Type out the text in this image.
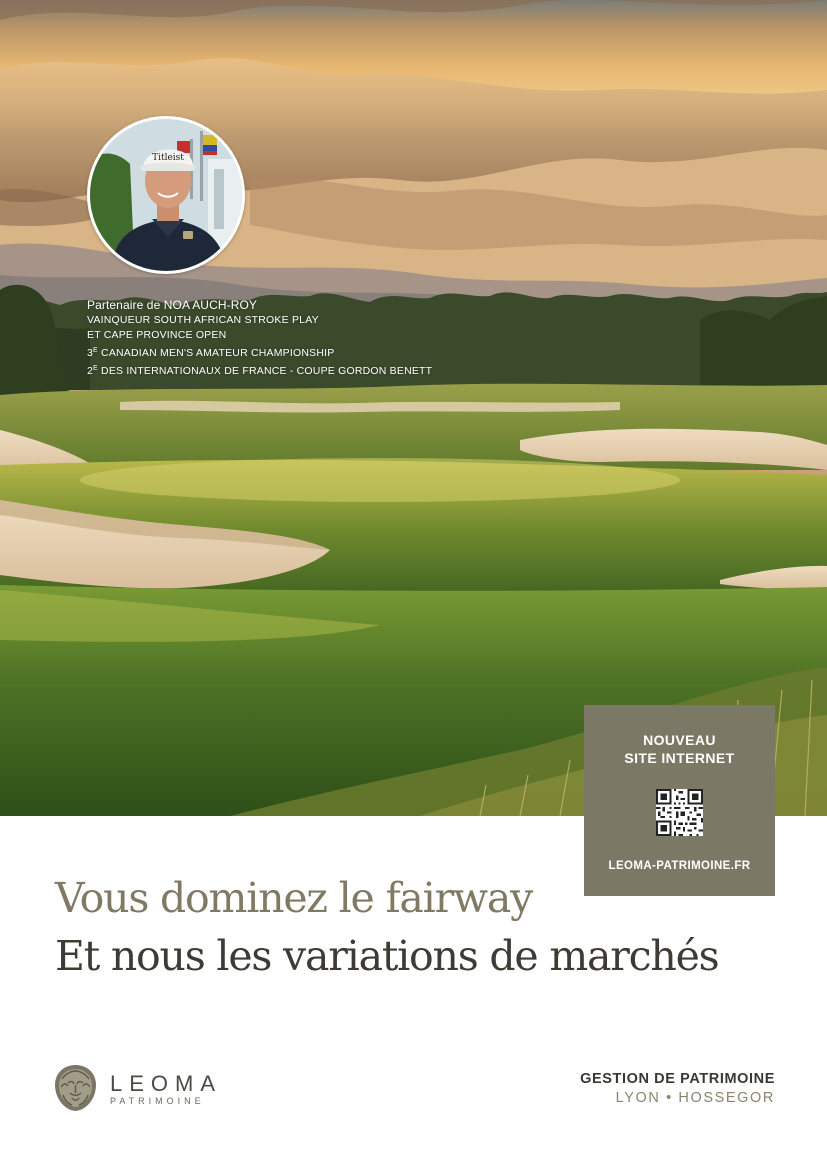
Titleist
Partenaire de NOA AUCH-ROY
VAINQUEUR SOUTH AFRICAN STROKE PLAY
ET CAPE PROVINCE OPEN
$3^E$ CANADIAN MEN'S AMATEUR CHAMPIONSHIP
$2^E$ DES INTERNATIONAUX DE FRANCE - COUPE GORDON BENETT
NOUVEAU
SITE INTERNET
LEOMA-PATRIMOINE.FR
Vous dominez le fairway
Et nous les variations de marchés
LEOMA
PATRIMOINE
GESTION DE PATRIMOINE
LYON • HOSSEGOR
